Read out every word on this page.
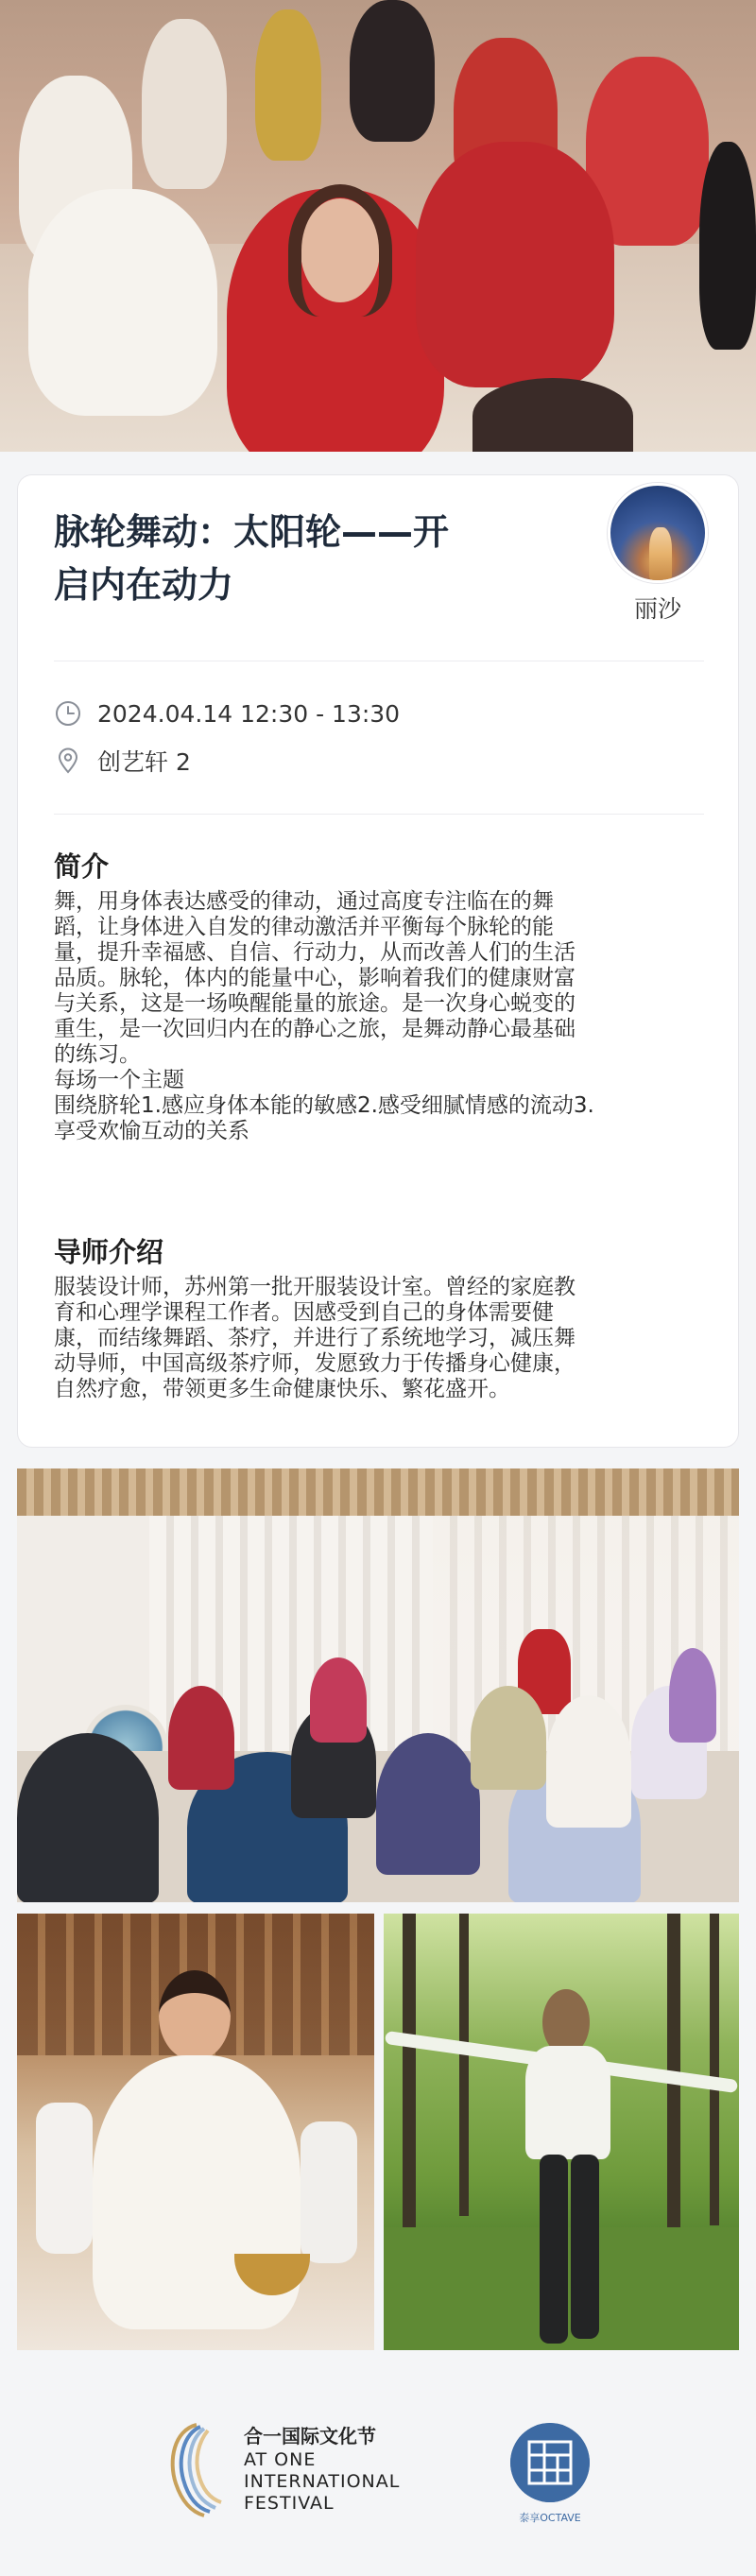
脉轮舞动：太阳轮——开
启内在动力
丽沙
2024.04.14 12:30 - 13:30
创艺轩 2
简介

舞，用身体表达感受的律动，通过高度专注临在的舞

蹈，让身体进入自发的律动激活并平衡每个脉轮的能

量，提升幸福感、自信、行动力，从而改善人们的生活

品质。脉轮，体内的能量中心，影响着我们的健康财富

与关系，这是一场唤醒能量的旅途。是一次身心蜕变的

重生，是一次回归内在的静心之旅，是舞动静心最基础

的练习。

每场一个主题

围绕脐轮1.感应身体本能的敏感2.感受细腻情感的流动3.

享受欢愉互动的关系

导师介绍

服装设计师，苏州第一批开服装设计室。曾经的家庭教

育和心理学课程工作者。因感受到自己的身体需要健

康，而结缘舞蹈、茶疗，并进行了系统地学习，减压舞

动导师，中国高级茶疗师，发愿致力于传播身心健康，

自然疗愈，带领更多生命健康快乐、繁花盛开。

合一国际文化节
AT ONE
INTERNATIONAL
FESTIVAL
泰享OCTAVE
